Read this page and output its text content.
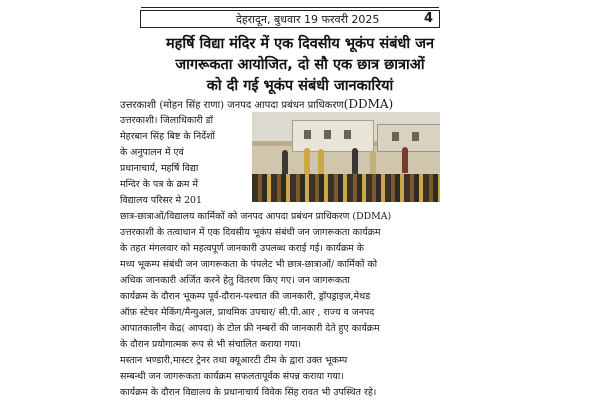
देहरादून, बुधवार 19 फरवरी 2025	4
महर्षि विद्या मंदिर में एक दिवसीय भूकंप संबंधी जन
जागरूकता आयोजित, दो सौ एक छात्र छात्राओं
को दी गई भूकंप संबंधी जानकारियां
उत्तरकाशी (मोहन सिंह राणा) जनपद आपदा प्रबंधन प्राधिकरण(DDMA)
उत्तरकाशी। जिलाधिकारी डॉ
मेहरबान सिंह बिष्ट के निर्देशों
के अनुपालन में एवं
प्रधानाचार्य, महर्षि विद्या
मन्दिर के पत्र के क्रम में
विद्यालय परिसर मे 201
छात्र-छात्राओं/विद्यालय कार्मिकों को जनपद आपदा प्रबंधन प्राधिकरण (DDMA)
उत्तरकाशी के तत्वाधान में एक दिवसीय भूकंप संबंधी जन जागरूकता कार्यक्रम
के तहत मंगलवार को महत्वपूर्ण जानकारी उपलब्ध कराई गई। कार्यक्रम के
मध्य भूकम्प संबंधी जन जागरूकता के पंपलेट भी छात्र-छात्राओं/ कार्मिकों को
अधिक जानकारी अर्जित करने हेतु वितरण किए गए। जन जागरूकता
कार्यक्रम के दौरान भूकम्प पूर्व-दौरान-पश्चात की जानकारी, ड्रॉपड्राइज,मेथड
ऑफ़ स्टेचर मेकिंग/मैन्युअल, प्राथमिक उपचार/ सी.पी.आर , राज्य व जनपद
आपातकालीन केंद्र( आपदा) के टोल फ्री नम्बरों की जानकारी देते हुए कार्यक्रम
के दौरान प्रयोगात्मक रूप से भी संचालित कराया गया।
मस्तान भण्डारी,मास्टर ट्रेनर तथा क्यूआरटी टीम के द्वारा उक्त भूकम्प
सम्बन्धी जन जागरूकता कार्यक्रम सफलतापूर्वक संपन्न कराया गया।
कार्यक्रम के दौरान विद्यालय के प्रधानाचार्य विवेक सिंह रावत भी उपस्थित रहे।
